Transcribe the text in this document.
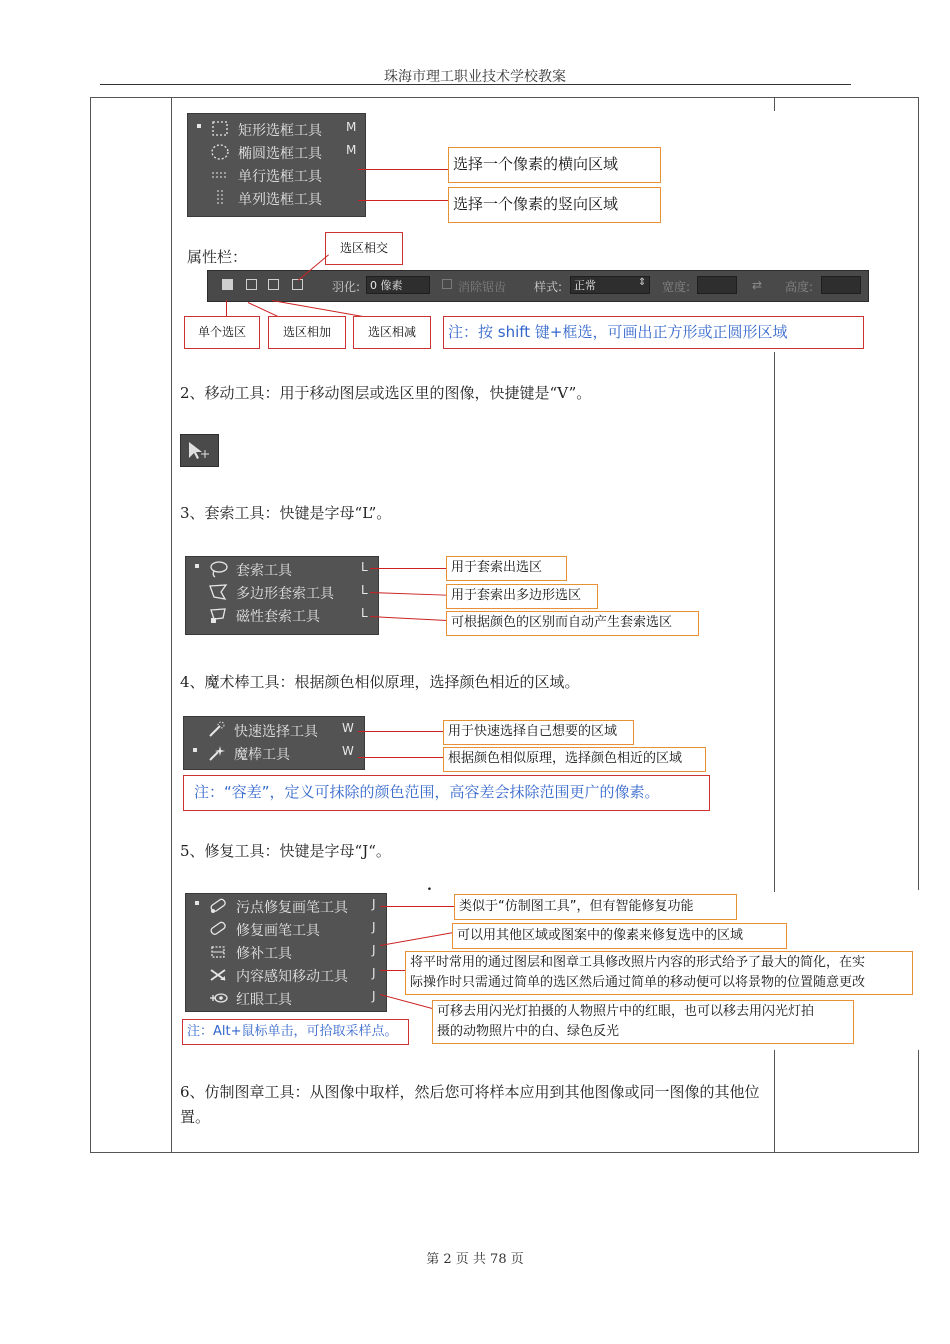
珠海市理工职业技术学校教案
第 2 页 共 78 页
矩形选框工具 M
椭圆选框工具 M
单行选框工具
单列选框工具
选择一个像素的横向区域
选择一个像素的竖向区域
属性栏：	选区相交
羽化: 0 像素	消除锯齿 样式:	正常	⇕ 宽度:	⇄ 高度:
单个选区	选区相加	选区相减	注：按 shift 键+框选，可画出正方形或正圆形区域
2、移动工具：用于移动图层或选区里的图像，快捷键是“V”。
3、套索工具：快键是字母“L”。
套索工具	L
多边形套索工具 L
磁性套索工具	L
用于套索出选区
用于套索出多边形选区
可根据颜色的区别而自动产生套索选区
4、魔术棒工具：根据颜色相似原理，选择颜色相近的区域。
快速选择工具 W
魔棒工具	W
用于快速选择自己想要的区域
根据颜色相似原理，选择颜色相近的区域
注：“容差”，定义可抹除的颜色范围，高容差会抹除范围更广的像素。
5、修复工具：快键是字母“J“。
.
污点修复画笔工具 J
修复画笔工具	J
修补工具	J
内容感知移动工具 J
红眼工具	J
类似于“仿制图工具”，但有智能修复功能
可以用其他区域或图案中的像素来修复选中的区域
将平时常用的通过图层和图章工具修改照片内容的形式给予了最大的简化，在实
际操作时只需通过简单的选区然后通过简单的移动便可以将景物的位置随意更改
可移去用闪光灯拍摄的人物照片中的红眼，也可以移去用闪光灯拍
摄的动物照片中的白、绿色反光
注：Alt+鼠标单击，可拾取采样点。
6、仿制图章工具：从图像中取样，然后您可将样本应用到其他图像或同一图像的其他位置。
